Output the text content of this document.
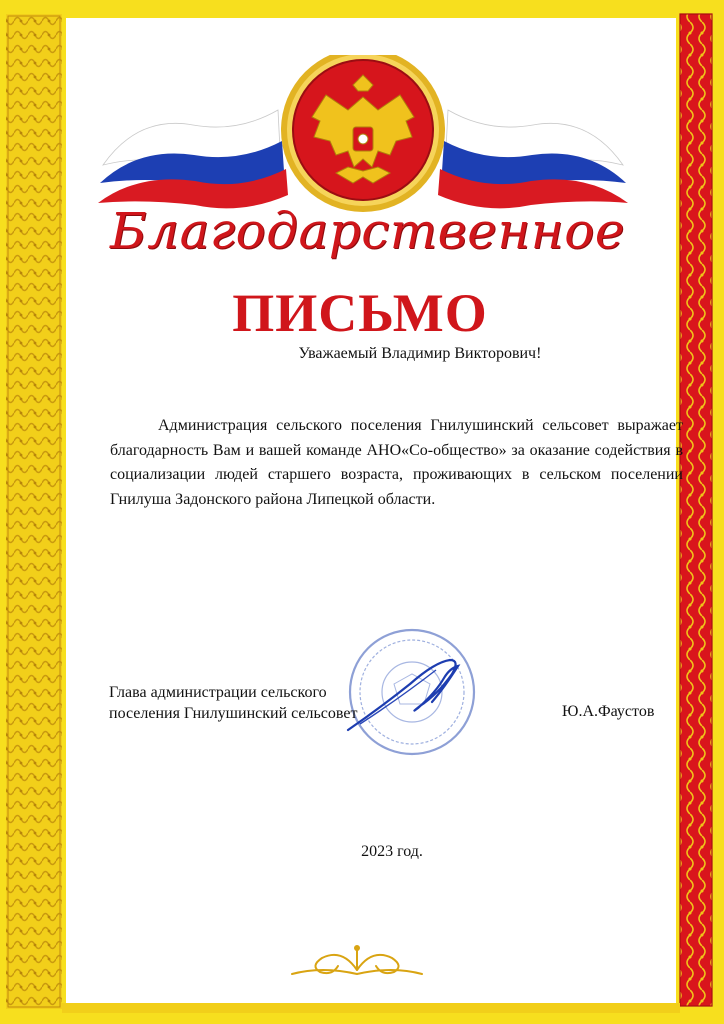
Благодарственное
ПИСЬМО
Уважаемый Владимир Викторович!

Администрация сельского поселения Гнилушинский сельсовет выражает благодарность Вам и вашей команде АНО«Со-общество» за оказание содействия в социализации людей старшего возраста, проживающих в сельском поселении Гнилуша Задонского района Липецкой области.

Глава администрации сельского
поселения Гнилушинский сельсовет	Ю.А.Фаустов
2023 год.
